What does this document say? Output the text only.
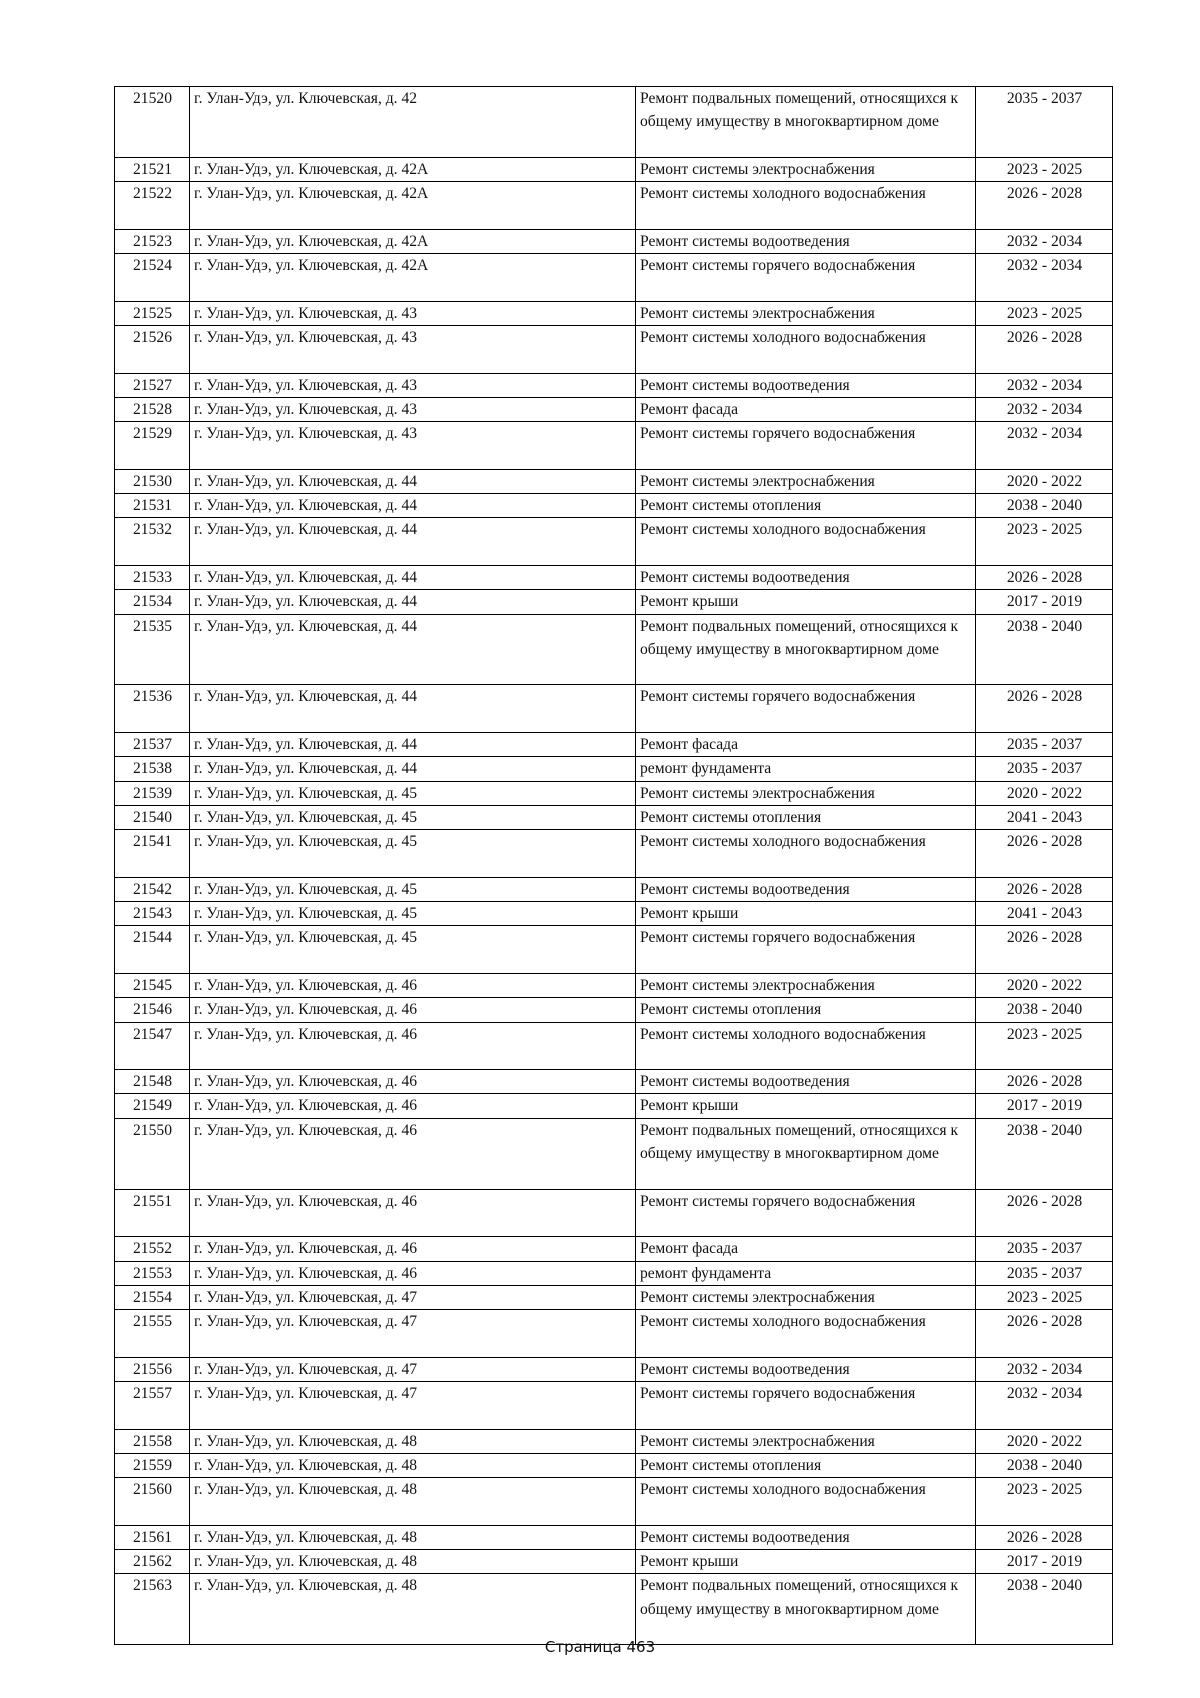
21520	г. Улан-Удэ, ул. Ключевская, д. 42	Ремонт подвальных помещений, относящихся к общему имуществу в многоквартирном доме	2035 - 2037
21521	г. Улан-Удэ, ул. Ключевская, д. 42А	Ремонт системы электроснабжения	2023 - 2025
21522	г. Улан-Удэ, ул. Ключевская, д. 42А	Ремонт системы холодного водоснабжения	2026 - 2028
21523	г. Улан-Удэ, ул. Ключевская, д. 42А	Ремонт системы водоотведения	2032 - 2034
21524	г. Улан-Удэ, ул. Ключевская, д. 42А	Ремонт системы горячего водоснабжения	2032 - 2034
21525	г. Улан-Удэ, ул. Ключевская, д. 43	Ремонт системы электроснабжения	2023 - 2025
21526	г. Улан-Удэ, ул. Ключевская, д. 43	Ремонт системы холодного водоснабжения	2026 - 2028
21527	г. Улан-Удэ, ул. Ключевская, д. 43	Ремонт системы водоотведения	2032 - 2034
21528	г. Улан-Удэ, ул. Ключевская, д. 43	Ремонт фасада	2032 - 2034
21529	г. Улан-Удэ, ул. Ключевская, д. 43	Ремонт системы горячего водоснабжения	2032 - 2034
21530	г. Улан-Удэ, ул. Ключевская, д. 44	Ремонт системы электроснабжения	2020 - 2022
21531	г. Улан-Удэ, ул. Ключевская, д. 44	Ремонт системы отопления	2038 - 2040
21532	г. Улан-Удэ, ул. Ключевская, д. 44	Ремонт системы холодного водоснабжения	2023 - 2025
21533	г. Улан-Удэ, ул. Ключевская, д. 44	Ремонт системы водоотведения	2026 - 2028
21534	г. Улан-Удэ, ул. Ключевская, д. 44	Ремонт крыши	2017 - 2019
21535	г. Улан-Удэ, ул. Ключевская, д. 44	Ремонт подвальных помещений, относящихся к общему имуществу в многоквартирном доме	2038 - 2040
21536	г. Улан-Удэ, ул. Ключевская, д. 44	Ремонт системы горячего водоснабжения	2026 - 2028
21537	г. Улан-Удэ, ул. Ключевская, д. 44	Ремонт фасада	2035 - 2037
21538	г. Улан-Удэ, ул. Ключевская, д. 44	ремонт фундамента	2035 - 2037
21539	г. Улан-Удэ, ул. Ключевская, д. 45	Ремонт системы электроснабжения	2020 - 2022
21540	г. Улан-Удэ, ул. Ключевская, д. 45	Ремонт системы отопления	2041 - 2043
21541	г. Улан-Удэ, ул. Ключевская, д. 45	Ремонт системы холодного водоснабжения	2026 - 2028
21542	г. Улан-Удэ, ул. Ключевская, д. 45	Ремонт системы водоотведения	2026 - 2028
21543	г. Улан-Удэ, ул. Ключевская, д. 45	Ремонт крыши	2041 - 2043
21544	г. Улан-Удэ, ул. Ключевская, д. 45	Ремонт системы горячего водоснабжения	2026 - 2028
21545	г. Улан-Удэ, ул. Ключевская, д. 46	Ремонт системы электроснабжения	2020 - 2022
21546	г. Улан-Удэ, ул. Ключевская, д. 46	Ремонт системы отопления	2038 - 2040
21547	г. Улан-Удэ, ул. Ключевская, д. 46	Ремонт системы холодного водоснабжения	2023 - 2025
21548	г. Улан-Удэ, ул. Ключевская, д. 46	Ремонт системы водоотведения	2026 - 2028
21549	г. Улан-Удэ, ул. Ключевская, д. 46	Ремонт крыши	2017 - 2019
21550	г. Улан-Удэ, ул. Ключевская, д. 46	Ремонт подвальных помещений, относящихся к общему имуществу в многоквартирном доме	2038 - 2040
21551	г. Улан-Удэ, ул. Ключевская, д. 46	Ремонт системы горячего водоснабжения	2026 - 2028
21552	г. Улан-Удэ, ул. Ключевская, д. 46	Ремонт фасада	2035 - 2037
21553	г. Улан-Удэ, ул. Ключевская, д. 46	ремонт фундамента	2035 - 2037
21554	г. Улан-Удэ, ул. Ключевская, д. 47	Ремонт системы электроснабжения	2023 - 2025
21555	г. Улан-Удэ, ул. Ключевская, д. 47	Ремонт системы холодного водоснабжения	2026 - 2028
21556	г. Улан-Удэ, ул. Ключевская, д. 47	Ремонт системы водоотведения	2032 - 2034
21557	г. Улан-Удэ, ул. Ключевская, д. 47	Ремонт системы горячего водоснабжения	2032 - 2034
21558	г. Улан-Удэ, ул. Ключевская, д. 48	Ремонт системы электроснабжения	2020 - 2022
21559	г. Улан-Удэ, ул. Ключевская, д. 48	Ремонт системы отопления	2038 - 2040
21560	г. Улан-Удэ, ул. Ключевская, д. 48	Ремонт системы холодного водоснабжения	2023 - 2025
21561	г. Улан-Удэ, ул. Ключевская, д. 48	Ремонт системы водоотведения	2026 - 2028
21562	г. Улан-Удэ, ул. Ключевская, д. 48	Ремонт крыши	2017 - 2019
21563	г. Улан-Удэ, ул. Ключевская, д. 48	Ремонт подвальных помещений, относящихся к общему имуществу в многоквартирном доме	2038 - 2040
Страница 463
